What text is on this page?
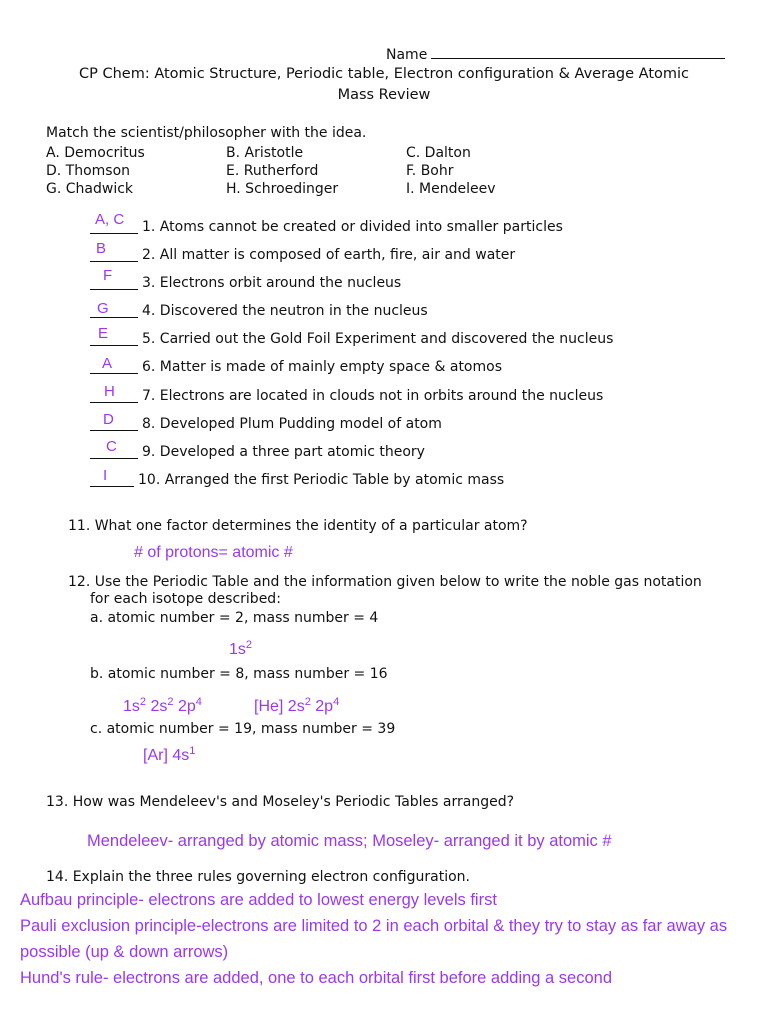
Name
CP Chem: Atomic Structure, Periodic table, Electron configuration & Average Atomic
Mass Review
Match the scientist/philosopher with the idea.
A. Democritus	B. Aristotle	C. Dalton
D. Thomson	E. Rutherford	F. Bohr
G. Chadwick	H. Schroedinger	I. Mendeleev
A, C 1. Atoms cannot be created or divided into smaller particles
B	2. All matter is composed of earth, fire, air and water
F 3. Electrons orbit around the nucleus
G 4. Discovered the neutron in the nucleus
E 5. Carried out the Gold Foil Experiment and discovered the nucleus
A 6. Matter is made of mainly empty space & atomos
H 7. Electrons are located in clouds not in orbits around the nucleus
D 8. Developed Plum Pudding model of atom
C 9. Developed a three part atomic theory
I 10. Arranged the first Periodic Table by atomic mass
11. What one factor determines the identity of a particular atom?
# of protons= atomic #
12. Use the Periodic Table and the information given below to write the noble gas notation
for each isotope described:
a. atomic number = 2, mass number = 4
$1s^2$
b. atomic number = 8, mass number = 16
$1s^2$ $2s^2$ $2p^4$	[He] $2s^2$ $2p^4$
c. atomic number = 19, mass number = 39
[Ar] $4s^1$
13. How was Mendeleev's and Moseley's Periodic Tables arranged?
Mendeleev- arranged by atomic mass; Moseley- arranged it by atomic #
14. Explain the three rules governing electron configuration.
Aufbau principle- electrons are added to lowest energy levels first
Pauli exclusion principle-electrons are limited to 2 in each orbital & they try to stay as far away as
possible (up & down arrows)
Hund's rule- electrons are added, one to each orbital first before adding a second
